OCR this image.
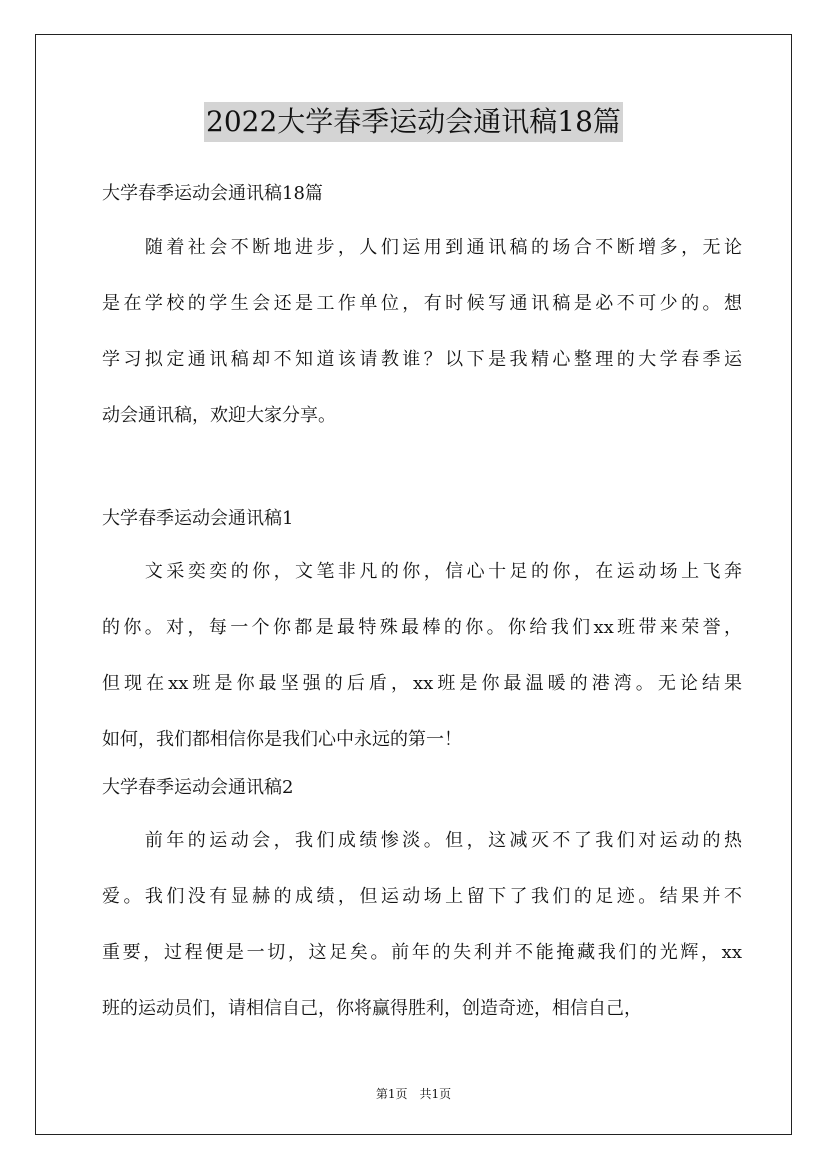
2022大学春季运动会通讯稿18篇
大学春季运动会通讯稿18篇
　　随着社会不断地进步，人们运用到通讯稿的场合不断增多，无论
是在学校的学生会还是工作单位，有时候写通讯稿是必不可少的。想
学习拟定通讯稿却不知道该请教谁？以下是我精心整理的大学春季运
动会通讯稿，欢迎大家分享。
大学春季运动会通讯稿1
　　文采奕奕的你，文笔非凡的你，信心十足的你，在运动场上飞奔
的你。对，每一个你都是最特殊最棒的你。你给我们xx班带来荣誉，
但现在xx班是你最坚强的后盾，xx班是你最温暖的港湾。无论结果
如何，我们都相信你是我们心中永远的第一！
大学春季运动会通讯稿2
　　前年的运动会，我们成绩惨淡。但，这减灭不了我们对运动的热
爱。我们没有显赫的成绩，但运动场上留下了我们的足迹。结果并不
重要，过程便是一切，这足矣。前年的失利并不能掩藏我们的光辉，xx
班的运动员们，请相信自己，你将赢得胜利，创造奇迹，相信自己，
第1页　共1页
